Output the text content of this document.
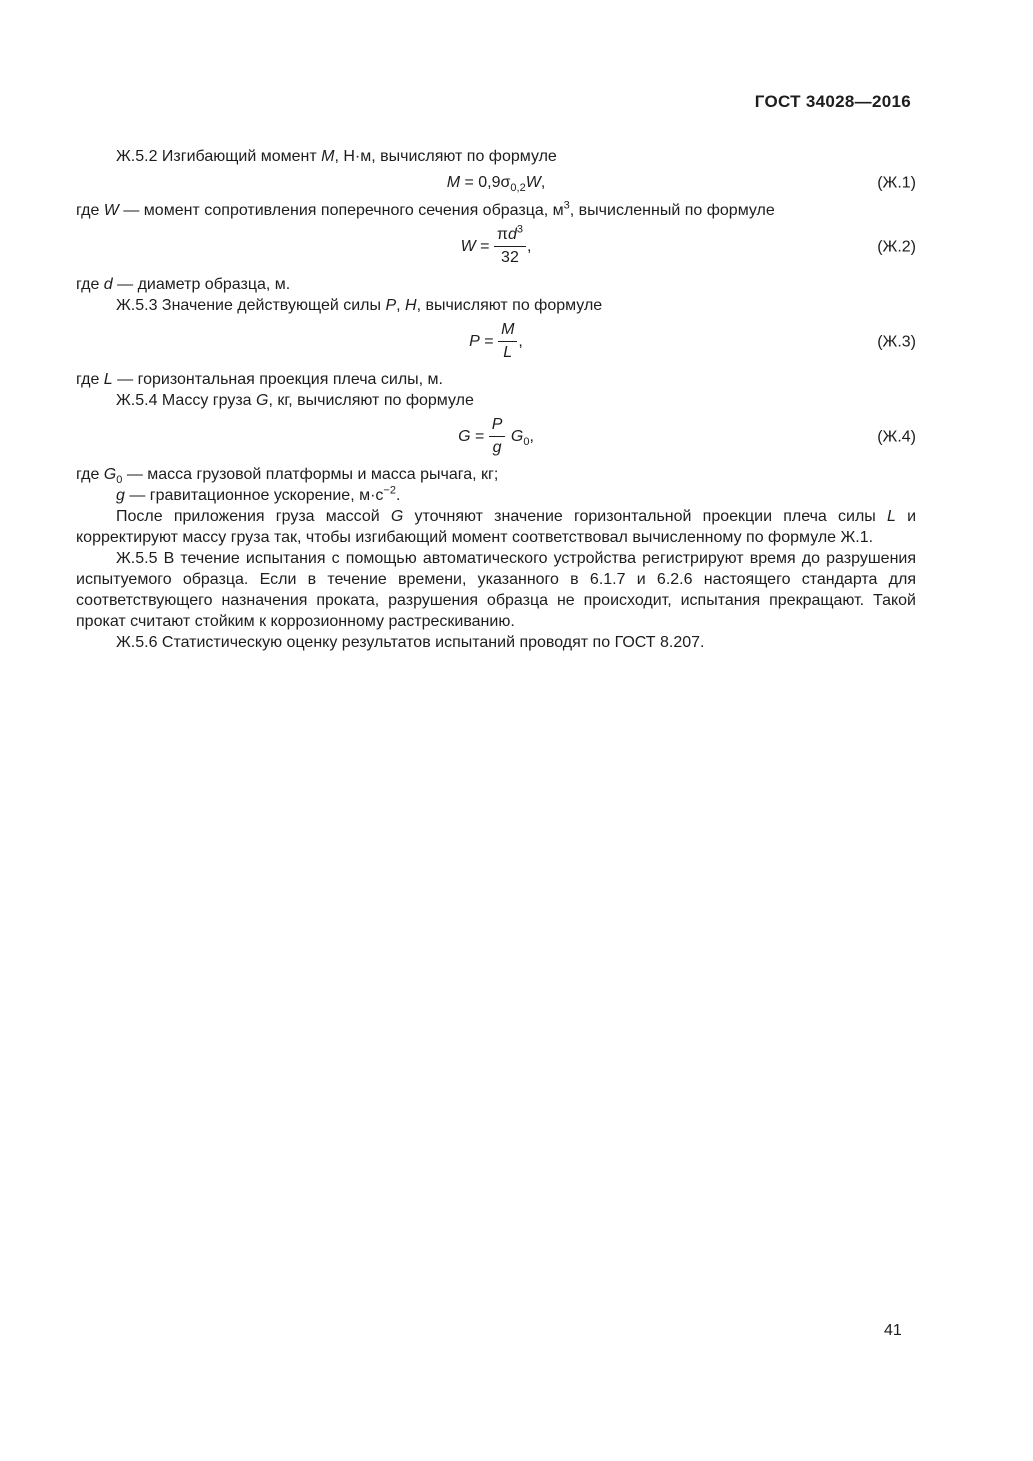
ГОСТ 34028—2016

Ж.5.2 Изгибающий момент M, Н·м, вычисляют по формуле

$M = 0,9\sigma_{0,2}W$,	(Ж.1)

где W — момент сопротивления поперечного сечения образца, $м^3$, вычисленный по формуле

$W = \frac{\pi d^3}{32}$ ,	(Ж.2)

где d — диаметр образца, м.

Ж.5.3 Значение действующей силы P, Н, вычисляют по формуле

$P = \frac{M}{L}$ ,	(Ж.3)

где L — горизонтальная проекция плеча силы, м.

Ж.5.4 Массу груза G, кг, вычисляют по формуле

$G = \frac{P}{g} G_0$,	(Ж.4)

где $G_0$ — масса грузовой платформы и масса рычага, кг;

g — гравитационное ускорение, $м\cdot с^{-2}$.

После приложения груза массой G уточняют значение горизонтальной проекции плеча силы L и корректируют массу груза так, чтобы изгибающий момент соответствовал вычисленному по формуле Ж.1.

Ж.5.5 В течение испытания с помощью автоматического устройства регистрируют время до разрушения испытуемого образца. Если в течение времени, указанного в 6.1.7 и 6.2.6 настоящего стандарта для соответствующего назначения проката, разрушения образца не происходит, испытания прекращают. Такой прокат считают стойким к коррозионному растрескиванию.

Ж.5.6 Статистическую оценку результатов испытаний проводят по ГОСТ 8.207.

41
